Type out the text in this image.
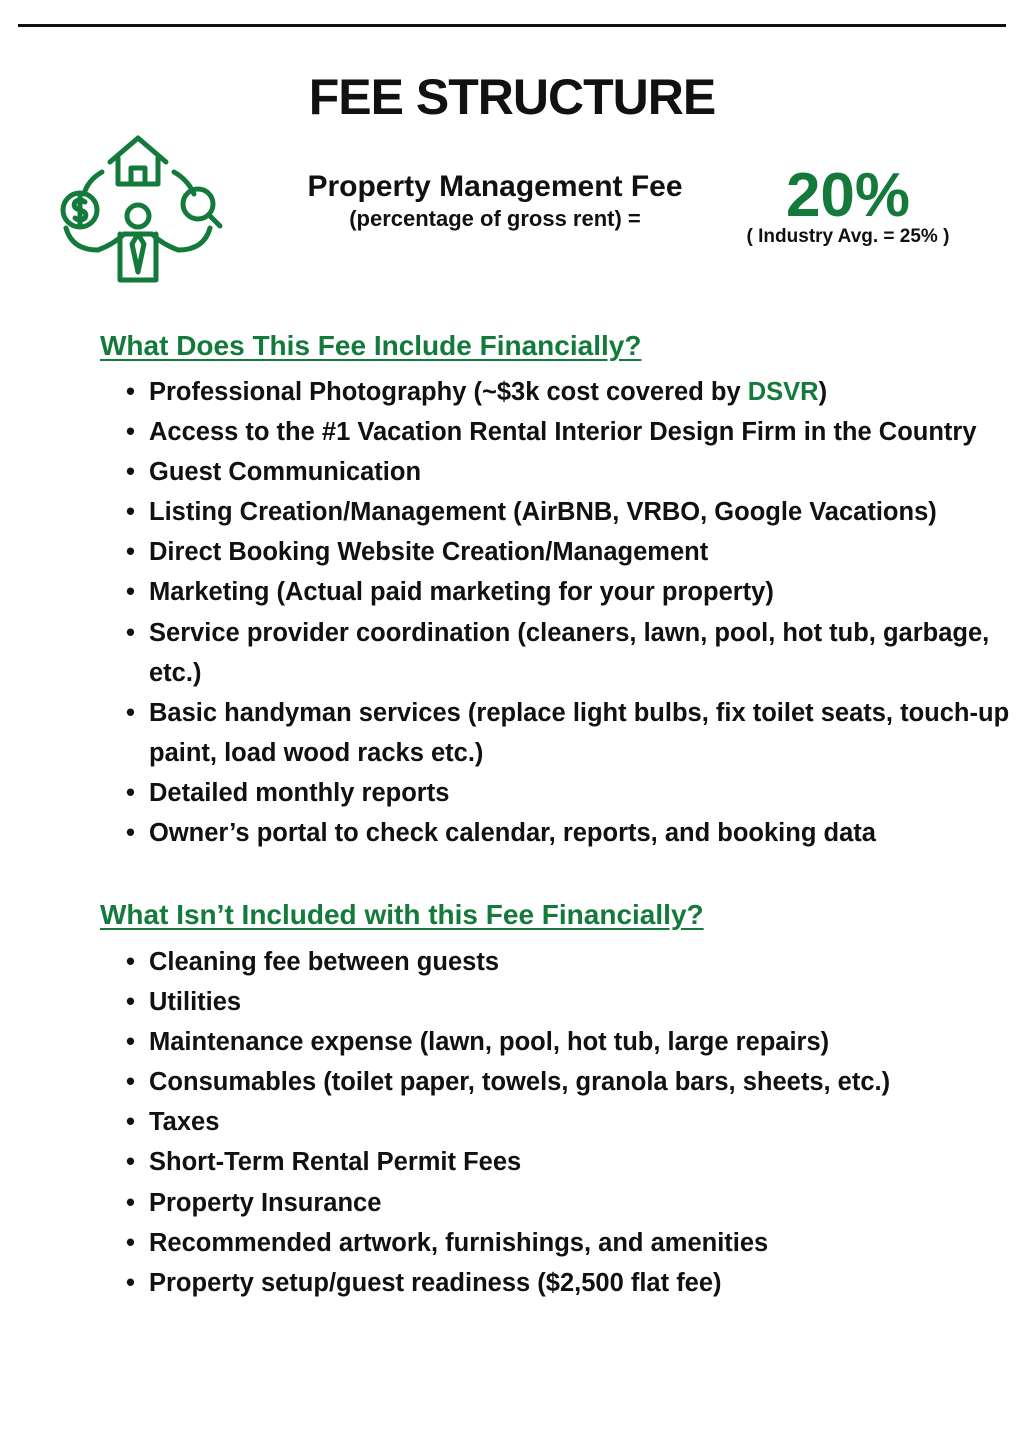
FEE STRUCTURE
Property Management Fee
(percentage of gross rent) =	20%
( Industry Avg. = 25% )
What Does This Fee Include Financially?
• Professional Photography (~$3k cost covered by DSVR)
• Access to the #1 Vacation Rental Interior Design Firm in the Country
• Guest Communication
• Listing Creation/Management (AirBNB, VRBO, Google Vacations)
• Direct Booking Website Creation/Management
• Marketing (Actual paid marketing for your property)
• Service provider coordination (cleaners, lawn, pool, hot tub, garbage, etc.)
• Basic handyman services (replace light bulbs, fix toilet seats, touch-up paint, load wood racks etc.)
• Detailed monthly reports
• Owner’s portal to check calendar, reports, and booking data
What Isn’t Included with this Fee Financially?
• Cleaning fee between guests
• Utilities
• Maintenance expense (lawn, pool, hot tub, large repairs)
• Consumables (toilet paper, towels, granola bars, sheets, etc.)
• Taxes
• Short-Term Rental Permit Fees
• Property Insurance
• Recommended artwork, furnishings, and amenities
• Property setup/guest readiness ($2,500 flat fee)
